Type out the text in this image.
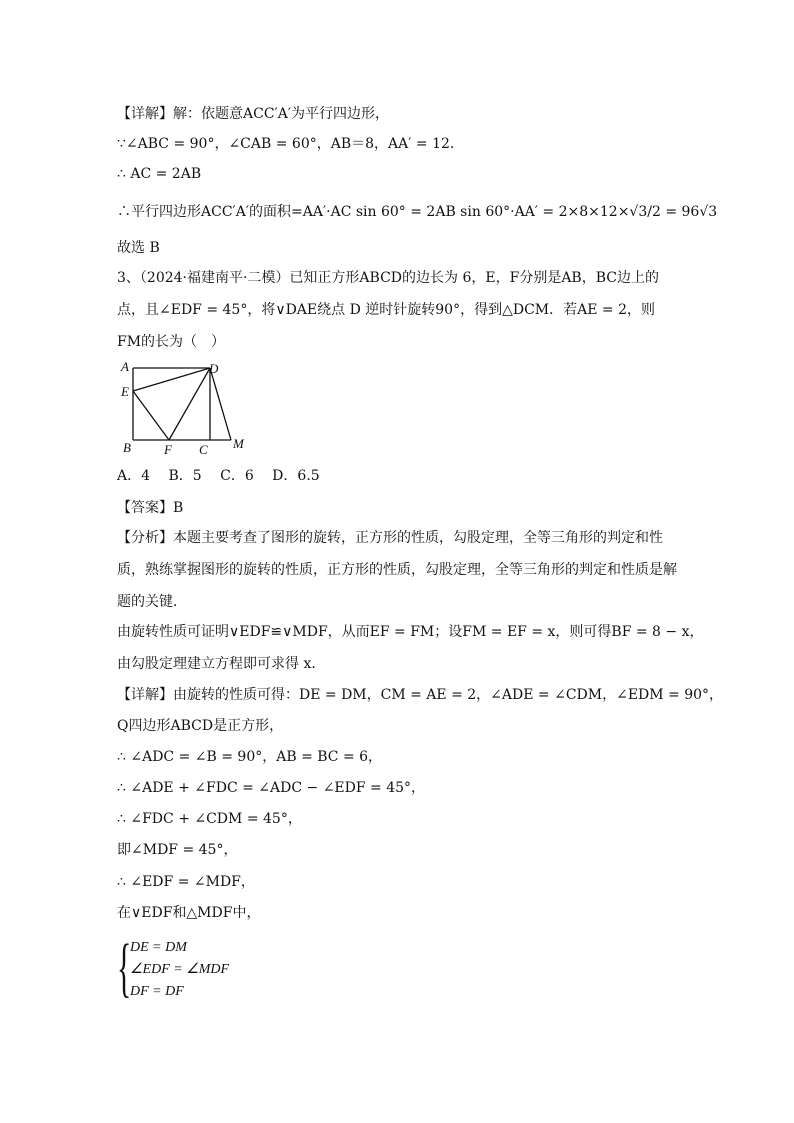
【详解】解：依题意ACC′A′为平行四边形，
∵∠ABC = 90°，∠CAB = 60°，AB＝8，AA′ = 12．
∴ AC = 2AB
∴平行四边形ACC′A′的面积=AA′·AC sin 60° = 2AB sin 60°·AA′ = 2×8×12×√3/2 = 96√3
故选 B
3、（2024·福建南平·二模）已知正方形ABCD的边长为 6，E，F分别是AB，BC边上的点，且∠EDF = 45°，将∨DAE绕点 D 逆时针旋转90°，得到△DCM．若AE = 2，则FM的长为（　）
A	D
E
B	F C M
A．4　 B．5　 C．6　 D．6.5
【答案】B
【分析】本题主要考查了图形的旋转，正方形的性质，勾股定理，全等三角形的判定和性质，熟练掌握图形的旋转的性质，正方形的性质，勾股定理，全等三角形的判定和性质是解题的关键．
由旋转性质可证明∨EDF≌∨MDF，从而EF = FM；设FM = EF = x，则可得BF = 8 − x，
由勾股定理建立方程即可求得 x．
【详解】由旋转的性质可得：DE = DM，CM = AE = 2，∠ADE = ∠CDM，∠EDM = 90°，
Q四边形ABCD是正方形，
∴ ∠ADC = ∠B = 90°，AB = BC = 6，
∴ ∠ADE + ∠FDC = ∠ADC − ∠EDF = 45°，
∴ ∠FDC + ∠CDM = 45°，
即∠MDF = 45°，
∴ ∠EDF = ∠MDF，
在∨EDF和△MDF中，
{
DE = DM
∠EDF = ∠MDF
DF = DF
